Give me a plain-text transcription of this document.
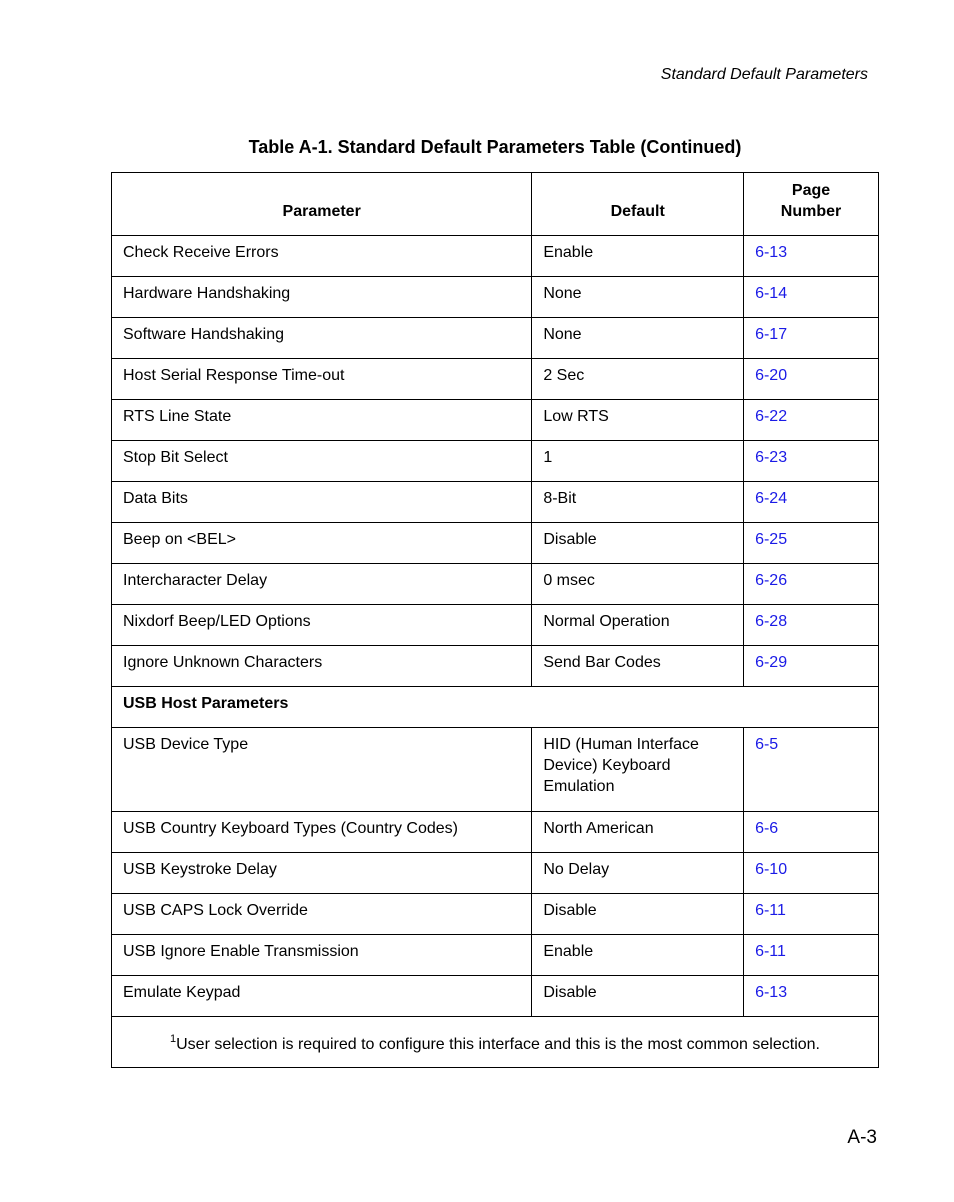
Standard Default Parameters
Table A-1. Standard Default Parameters Table (Continued)
Parameter	Default	Page Number
Check Receive Errors	Enable	6-13
Hardware Handshaking	None	6-14
Software Handshaking	None	6-17
Host Serial Response Time-out	2 Sec	6-20
RTS Line State	Low RTS	6-22
Stop Bit Select	1	6-23
Data Bits	8-Bit	6-24
Beep on <BEL>	Disable	6-25
Intercharacter Delay	0 msec	6-26
Nixdorf Beep/LED Options	Normal Operation	6-28
Ignore Unknown Characters	Send Bar Codes	6-29
USB Host Parameters		
USB Device Type	HID (Human Interface Device) Keyboard Emulation	6-5
USB Country Keyboard Types (Country Codes)	North American	6-6
USB Keystroke Delay	No Delay	6-10
USB CAPS Lock Override	Disable	6-11
USB Ignore Enable Transmission	Enable	6-11
Emulate Keypad	Disable	6-13
$^1$User selection is required to configure this interface and this is the most common selection.		
A-3
